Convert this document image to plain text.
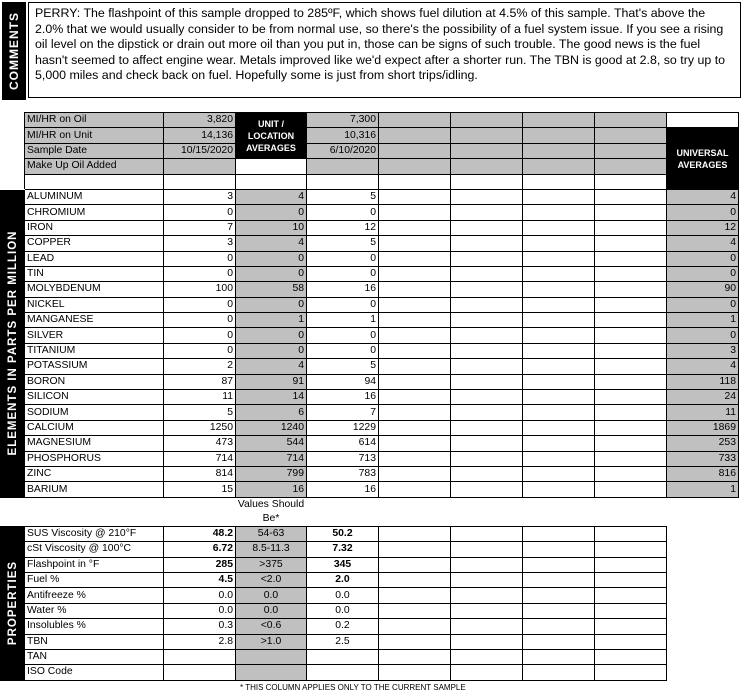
COMMENTS	PERRY: The flashpoint of this sample dropped to 285ºF, which shows fuel dilution at 4.5% of this sample. That's above the 2.0% that we would usually consider to be from normal use, so there's the possibility of a fuel system issue. If you see a rising oil level on the dipstick or drain out more oil than you put in, those can be signs of such trouble. The good news is the fuel hasn't seemed to affect engine wear. Metals improved like we'd expect after a shorter run. The TBN is good at 2.8, so try up to 5,000 miles and check back on fuel. Hopefully some is just from short trips/idling.
	MI/HR on Oil	3,820	UNIT / LOCATION AVERAGES	7,300					
	MI/HR on Unit	14,136		10,316					UNIVERSAL AVERAGES
	Sample Date	10/15/2020		6/10/2020					
	Make Up Oil Added								

ELEMENTS IN PARTS PER MILLION	ALUMINUM	3	4	5					4
	CHROMIUM	0	0	0					0
	IRON	7	10	12					12
	COPPER	3	4	5					4
	LEAD	0	0	0					0
	TIN	0	0	0					0
	MOLYBDENUM	100	58	16					90
	NICKEL	0	0	0					0
	MANGANESE	0	1	1					1
	SILVER	0	0	0					0
	TITANIUM	0	0	0					3
	POTASSIUM	2	4	5					4
	BORON	87	91	94					118
	SILICON	11	14	16					24
	SODIUM	5	6	7					11
	CALCIUM	1250	1240	1229					1869
	MAGNESIUM	473	544	614					253
	PHOSPHORUS	714	714	713					733
	ZINC	814	799	783					816
	BARIUM	15	16	16					1
			Values Should Be*						

PROPERTIES	SUS Viscosity @ 210°F	48.2	54-63	50.2					
	cSt Viscosity @ 100°C	6.72	8.5-11.3	7.32					
	Flashpoint in °F	285	>375	345					
	Fuel %	4.5	<2.0	2.0					
	Antifreeze %	0.0	0.0	0.0					
	Water %	0.0	0.0	0.0					
	Insolubles %	0.3	<0.6	0.2					
	TBN	2.8	>1.0	2.5					
	TAN								
	ISO Code								
* THIS COLUMN APPLIES ONLY TO THE CURRENT SAMPLE
